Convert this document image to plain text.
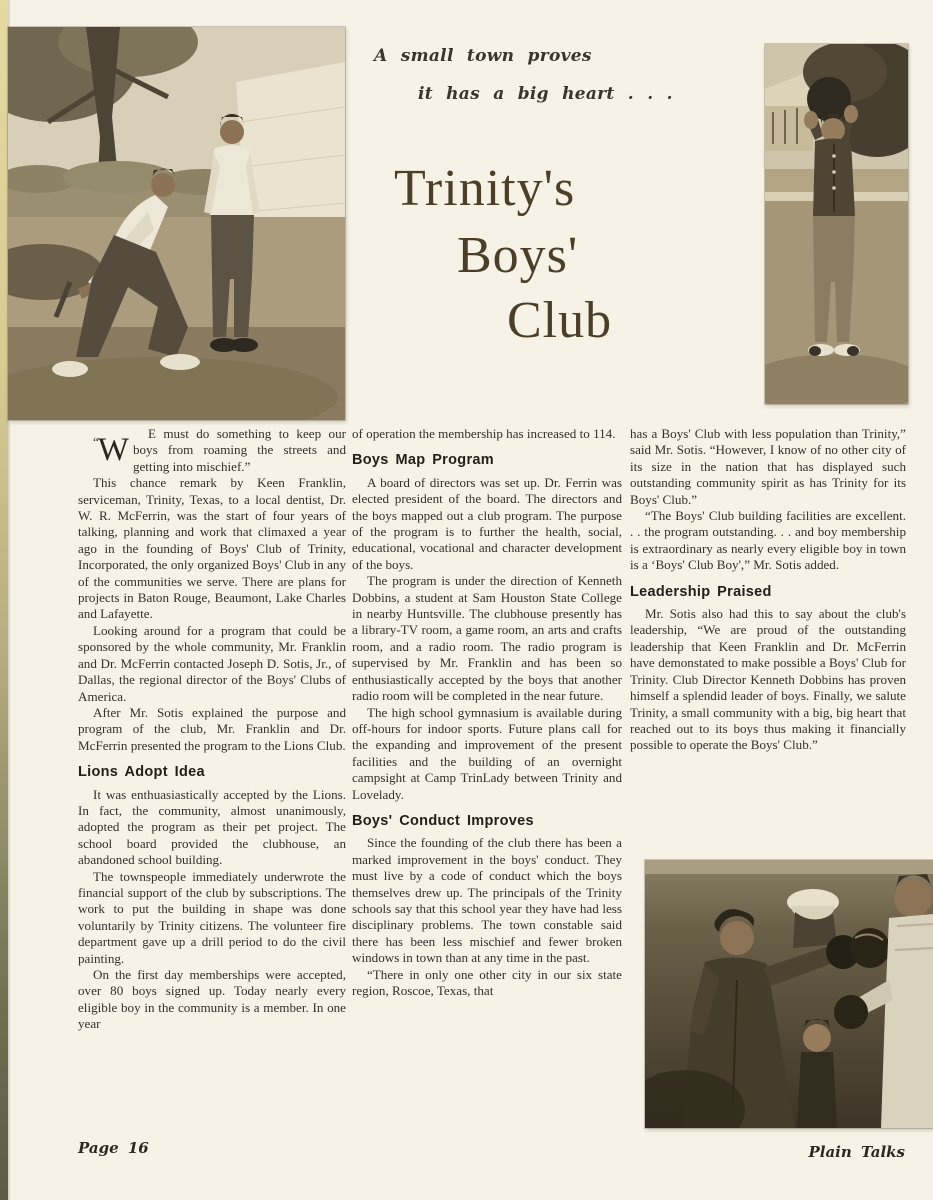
A small town proves
it has a big heart . . .
Trinity's
Boys'
Club

“W	E must do something to keep our boys from roaming the streets and getting into mischief.”

This chance remark by Keen Franklin, serviceman, Trinity, Texas, to a local dentist, Dr. W. R. McFerrin, was the start of four years of talking, planning and work that climaxed a year ago in the founding of Boys' Club of Trinity, Incorporated, the only organized Boys' Club in any of the communities we serve. There are plans for projects in Baton Rouge, Beaumont, Lake Charles and Lafayette.

Looking around for a program that could be sponsored by the whole community, Mr. Franklin and Dr. McFerrin contacted Joseph D. Sotis, Jr., of Dallas, the regional director of the Boys' Clubs of America.

After Mr. Sotis explained the purpose and program of the club, Mr. Franklin and Dr. McFerrin presented the program to the Lions Club.

Lions Adopt Idea

It was enthuasiastically accepted by the Lions. In fact, the community, almost unanimously, adopted the program as their pet project. The school board provided the clubhouse, an abandoned school building.

The townspeople immediately underwrote the financial support of the club by subscriptions. The work to put the building in shape was done voluntarily by Trinity citizens. The volunteer fire department gave up a drill period to do the civil painting.

On the first day memberships were accepted, over 80 boys signed up. Today nearly every eligible boy in the community is a member. In one year

of operation the membership has increased to 114.

Boys Map Program

A board of directors was set up. Dr. Ferrin was elected president of the board. The directors and the boys mapped out a club program. The purpose of the program is to further the health, social, educational, vocational and character development of the boys.

The program is under the direction of Kenneth Dobbins, a student at Sam Houston State College in nearby Huntsville. The clubhouse presently has a library-TV room, a game room, an arts and crafts room, and a radio room. The radio program is supervised by Mr. Franklin and has been so enthusiastically accepted by the boys that another radio room will be completed in the near future.

The high school gymnasium is available during off-hours for indoor sports. Future plans call for the expanding and improvement of the present facilities and the building of an overnight campsight at Camp TrinLady between Trinity and Lovelady.

Boys' Conduct Improves

Since the founding of the club there has been a marked improvement in the boys' conduct. They must live by a code of conduct which the boys themselves drew up. The principals of the Trinity schools say that this school year they have had less disciplinary problems. The town constable said there has been less mischief and fewer broken windows in town than at any time in the past.

“There in only one other city in our six state region, Roscoe, Texas, that

has a Boys' Club with less population than Trinity,” said Mr. Sotis. “However, I know of no other city of its size in the nation that has displayed such outstanding community spirit as has Trinity for its Boys' Club.”

“The Boys' Club building facilities are excellent. . . the program outstanding. . . and boy membership is extraordinary as nearly every eligible boy in town is a ‘Boys' Club Boy',” Mr. Sotis added.

Leadership Praised

Mr. Sotis also had this to say about the club's leadership, “We are proud of the outstanding leadership that Keen Franklin and Dr. McFerrin have demonstated to make possible a Boys' Club for Trinity. Club Director Kenneth Dobbins has proven himself a splendid leader of boys. Finally, we salute Trinity, a small community with a big, big heart that reached out to its boys thus making it financially possible to operate the Boys' Club.”

Page 16	Plain Talks
